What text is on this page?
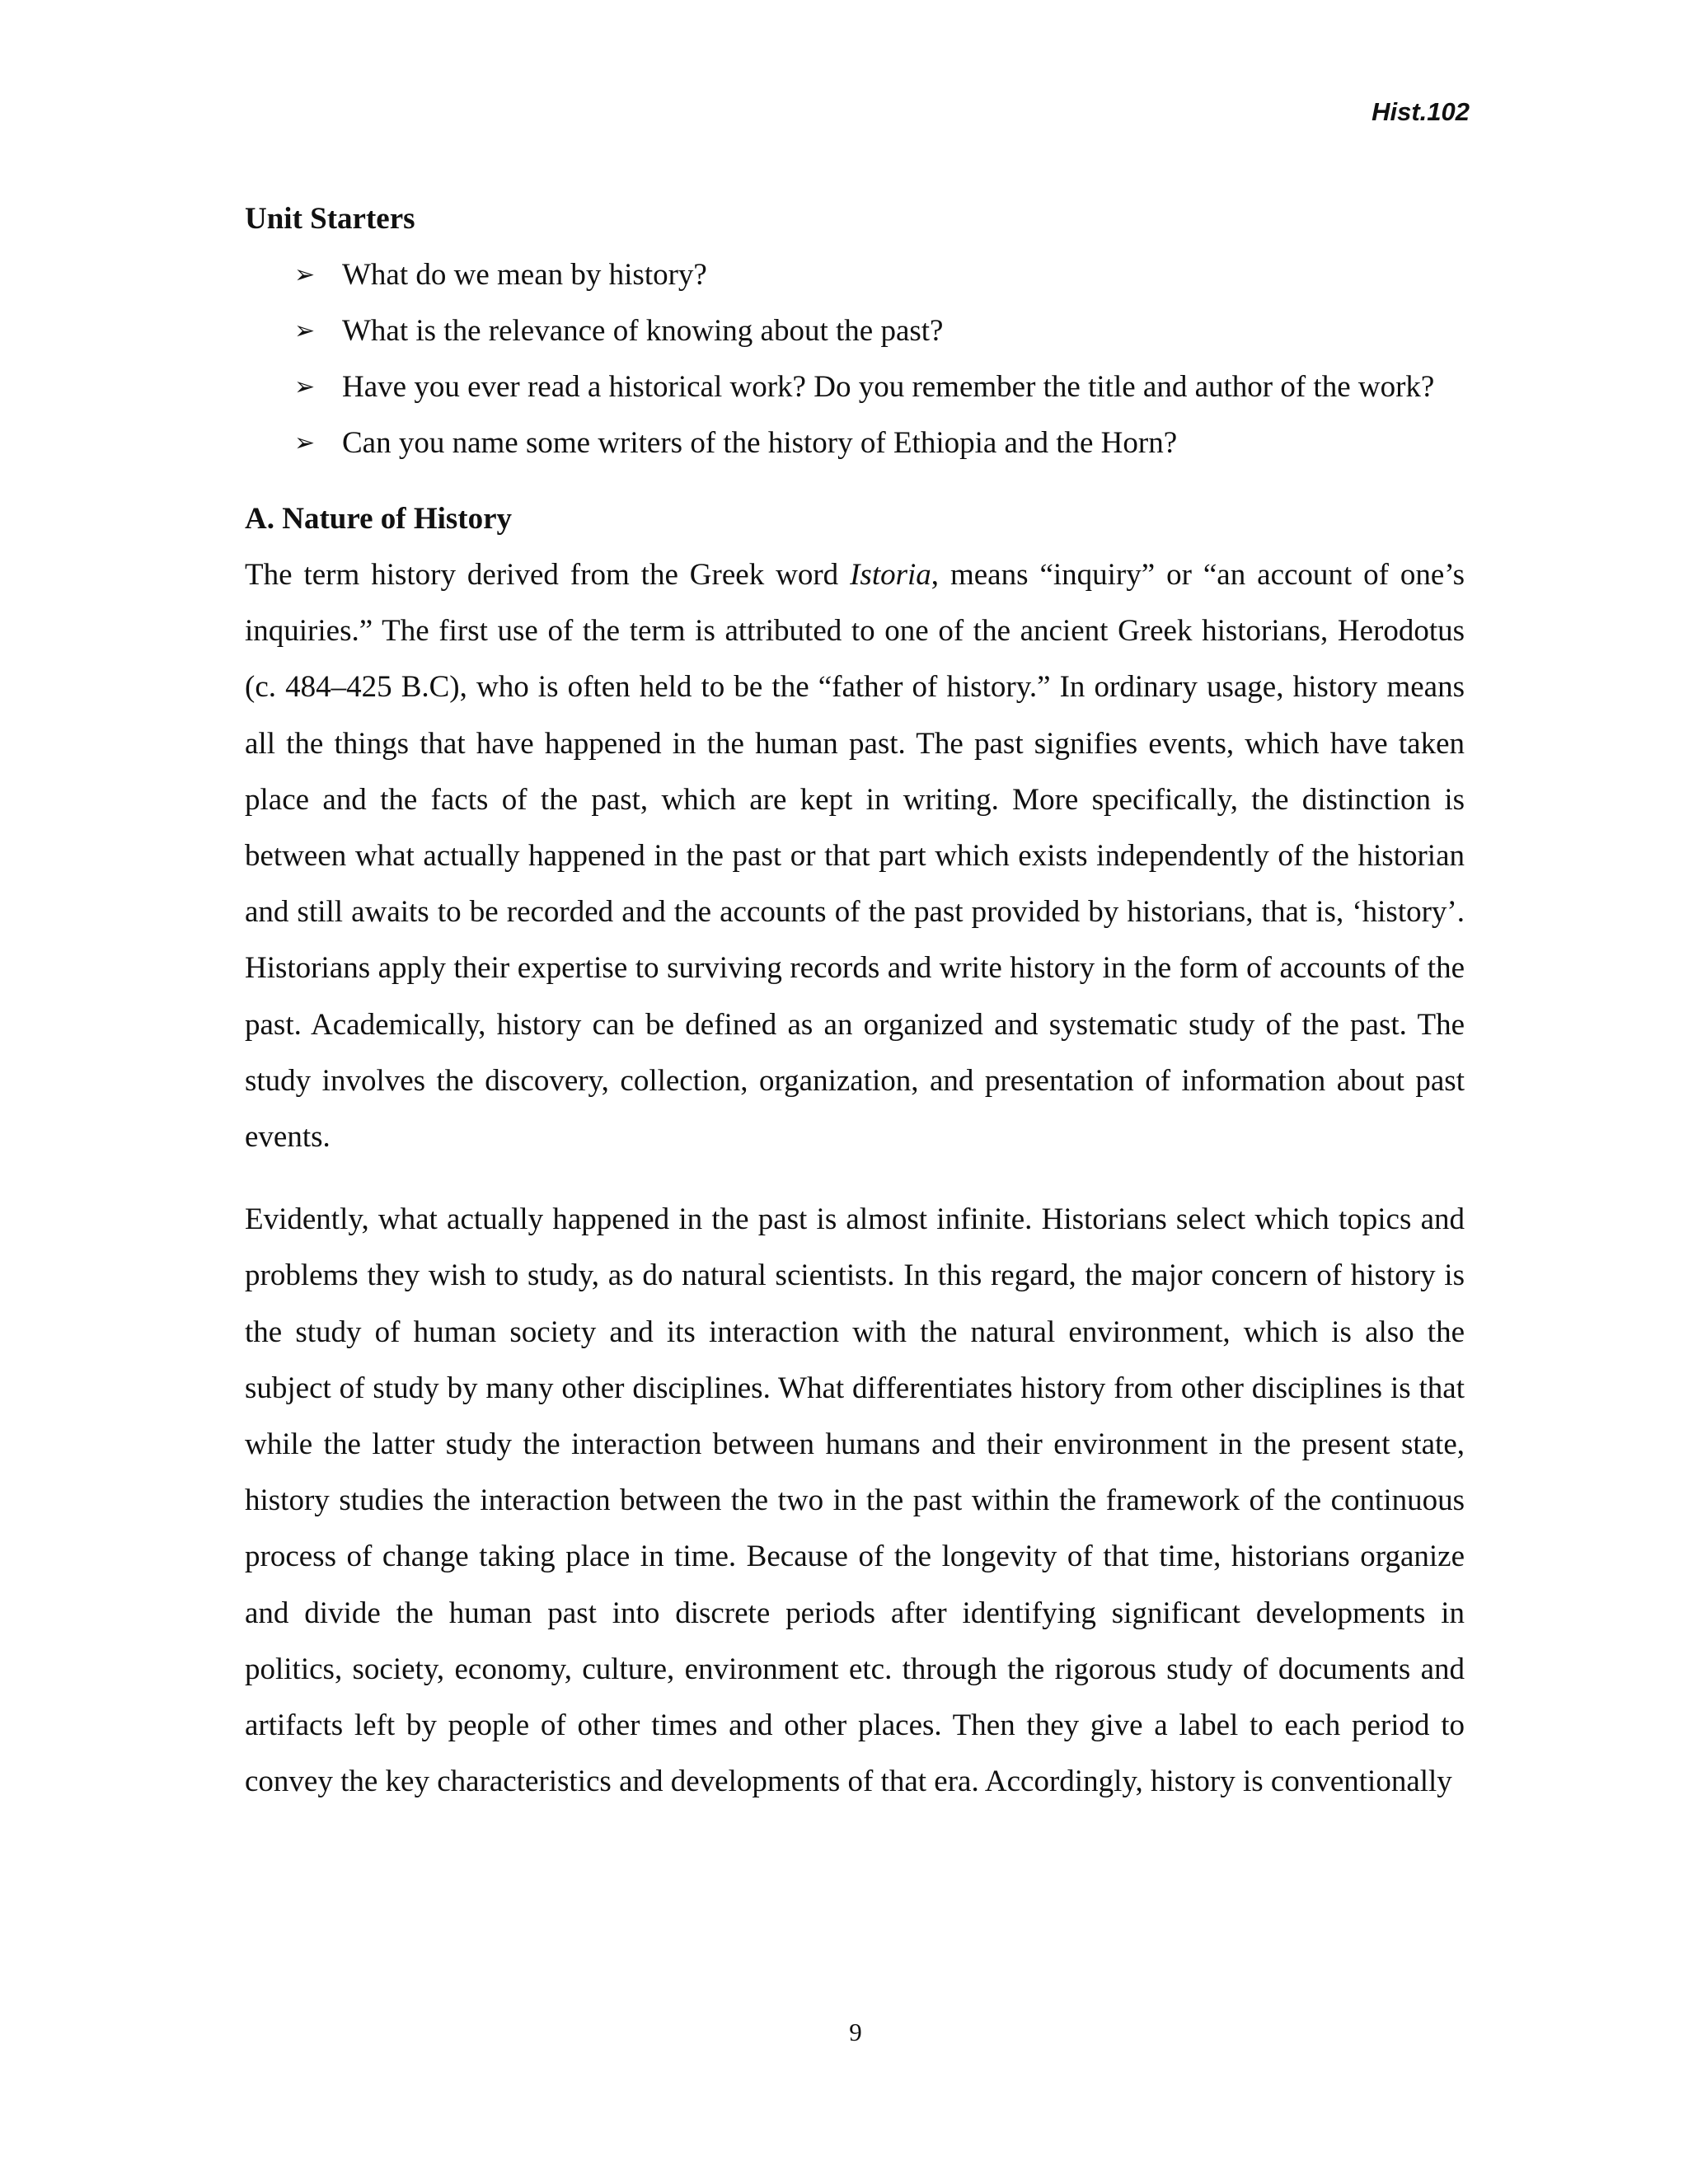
Hist.102

Unit Starters

➢ What do we mean by history?
➢ What is the relevance of knowing about the past?
➢ Have you ever read a historical work? Do you remember the title and author of the work?
➢ Can you name some writers of the history of Ethiopia and the Horn?

A. Nature of History

The term history derived from the Greek word Istoria, means “inquiry” or “an account of one’s inquiries.” The first use of the term is attributed to one of the ancient Greek historians, Herodotus (c. 484–425 B.C), who is often held to be the “father of history.” In ordinary usage, history means all the things that have happened in the human past. The past signifies events, which have taken place and the facts of the past, which are kept in writing. More specifically, the distinction is between what actually happened in the past or that part which exists independently of the historian and still awaits to be recorded and the accounts of the past provided by historians, that is, ‘history’. Historians apply their expertise to surviving records and write history in the form of accounts of the past. Academically, history can be defined as an organized and systematic study of the past. The study involves the discovery, collection, organization, and presentation of information about past events.

Evidently, what actually happened in the past is almost infinite. Historians select which topics and problems they wish to study, as do natural scientists. In this regard, the major concern of history is the study of human society and its interaction with the natural environment, which is also the subject of study by many other disciplines. What differentiates history from other disciplines is that while the latter study the interaction between humans and their environment in the present state, history studies the interaction between the two in the past within the framework of the continuous process of change taking place in time. Because of the longevity of that time, historians organize and divide the human past into discrete periods after identifying significant developments in politics, society, economy, culture, environment etc. through the rigorous study of documents and artifacts left by people of other times and other places. Then they give a label to each period to convey the key characteristics and developments of that era. Accordingly, history is conventionally

9
